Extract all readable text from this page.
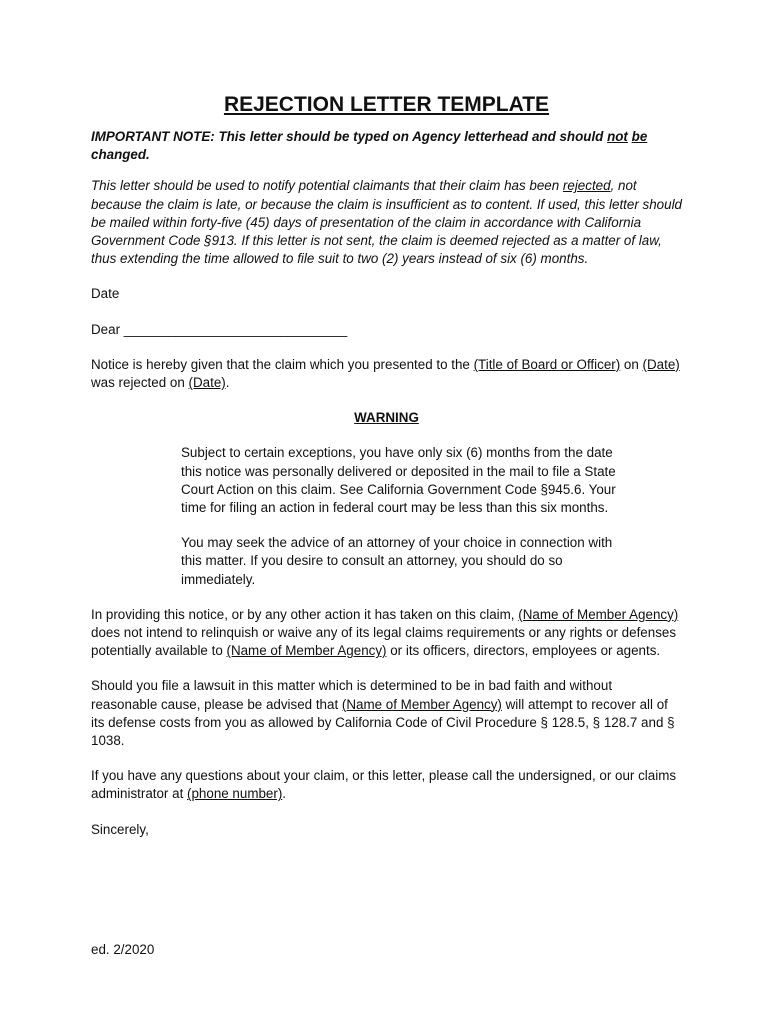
REJECTION LETTER TEMPLATE

IMPORTANT NOTE: This letter should be typed on Agency letterhead and should not be changed.

This letter should be used to notify potential claimants that their claim has been rejected, not because the claim is late, or because the claim is insufficient as to content. If used, this letter should be mailed within forty-five (45) days of presentation of the claim in accordance with California Government Code §913. If this letter is not sent, the claim is deemed rejected as a matter of law, thus extending the time allowed to file suit to two (2) years instead of six (6) months.

Date

Dear ______________________________

Notice is hereby given that the claim which you presented to the (Title of Board or Officer) on (Date) was rejected on (Date).

WARNING

Subject to certain exceptions, you have only six (6) months from the date this notice was personally delivered or deposited in the mail to file a State Court Action on this claim. See California Government Code §945.6. Your time for filing an action in federal court may be less than this six months.

You may seek the advice of an attorney of your choice in connection with this matter. If you desire to consult an attorney, you should do so immediately.

In providing this notice, or by any other action it has taken on this claim, (Name of Member Agency) does not intend to relinquish or waive any of its legal claims requirements or any rights or defenses potentially available to (Name of Member Agency) or its officers, directors, employees or agents.

Should you file a lawsuit in this matter which is determined to be in bad faith and without reasonable cause, please be advised that (Name of Member Agency) will attempt to recover all of its defense costs from you as allowed by California Code of Civil Procedure § 128.5, § 128.7 and § 1038.

If you have any questions about your claim, or this letter, please call the undersigned, or our claims administrator at (phone number).

Sincerely,

ed. 2/2020
